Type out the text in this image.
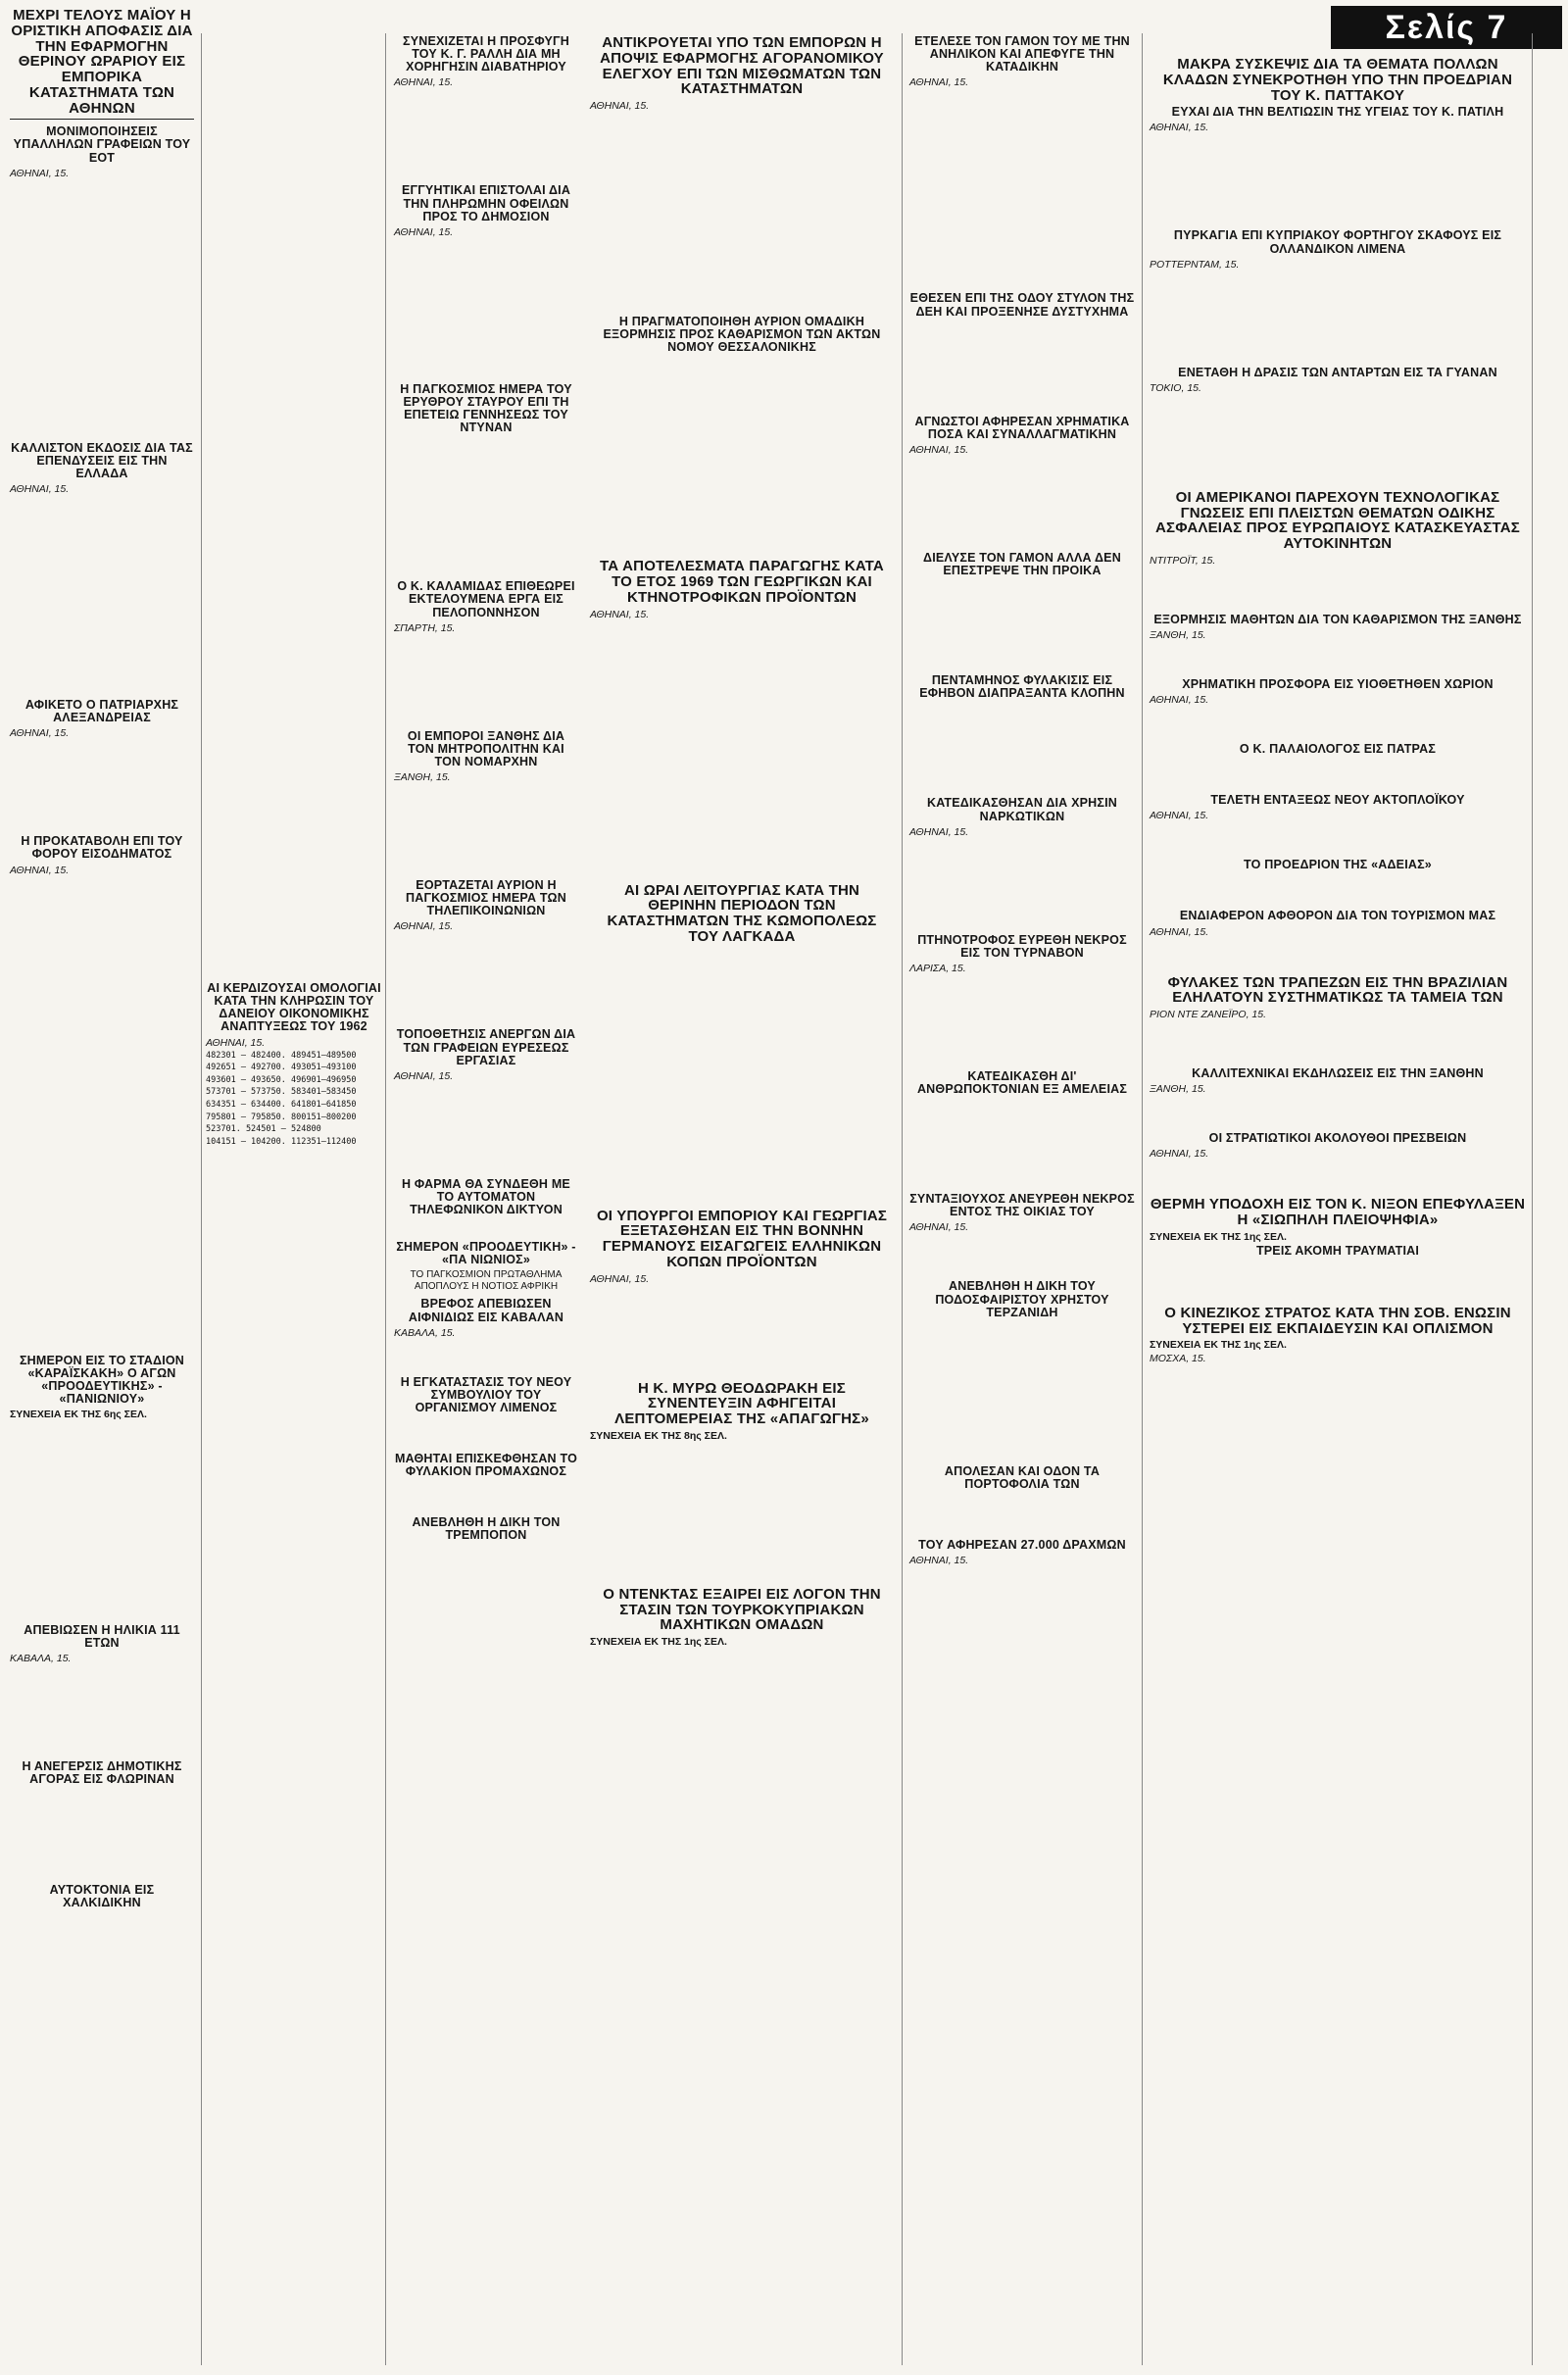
Σελίς 7
ΜΕΧΡΙ ΤΕΛΟΥΣ ΜΑΪΟΥ Η ΟΡΙΣΤΙΚΗ ΑΠΟΦΑΣΙΣ ΔΙΑ ΤΗΝ ΕΦΑΡΜΟΓΗΝ ΘΕΡΙΝΟΥ ΩΡΑΡΙΟΥ ΕΙΣ ΕΜΠΟΡΙΚΑ ΚΑΤΑΣΤΗΜΑΤΑ ΤΩΝ ΑΘΗΝΩΝ
ΜΟΝΙΜΟΠΟΙΗΣΕΙΣ ΥΠΑΛΛΗΛΩΝ ΓΡΑΦΕΙΩΝ ΤΟΥ ΕΟΤ
ΑΘΗΝΑΙ, 15.
ΚΑΛΛΙΣΤΟΝ ΕΚΔΟΣΙΣ ΔΙΑ ΤΑΣ ΕΠΕΝΔΥΣΕΙΣ ΕΙΣ ΤΗΝ ΕΛΛΑΔΑ
ΑΘΗΝΑΙ, 15.
ΑΦΙΚΕΤΟ Ο ΠΑΤΡΙΑΡΧΗΣ ΑΛΕΞΑΝΔΡΕΙΑΣ
ΑΘΗΝΑΙ, 15.
Η ΠΡΟΚΑΤΑΒΟΛΗ ΕΠΙ ΤΟΥ ΦΟΡΟΥ ΕΙΣΟΔΗΜΑΤΟΣ
ΑΘΗΝΑΙ, 15.
ΣΗΜΕΡΟΝ ΕΙΣ ΤΟ ΣΤΑΔΙΟΝ «ΚΑΡΑΪΣΚΑΚΗ» Ο ΑΓΩΝ «ΠΡΟΟΔΕΥΤΙΚΗΣ» - «ΠΑΝΙΩΝΙΟΥ»
ΣΥΝΕΧΕΙΑ ΕΚ ΤΗΣ 6ης ΣΕΛ.
ΑΠΕΒΙΩΣΕΝ Η ΗΛΙΚΙΑ 111 ΕΤΩΝ
ΚΑΒΑΛΑ, 15.
Η ΑΝΕΓΕΡΣΙΣ ΔΗΜΟΤΙΚΗΣ ΑΓΟΡΑΣ ΕΙΣ ΦΛΩΡΙΝΑΝ
ΑΥΤΟΚΤΟΝΙΑ ΕΙΣ ΧΑΛΚΙΔΙΚΗΝ
ΑΙ ΚΕΡΔΙΖΟΥΣΑΙ ΟΜΟΛΟΓΙΑΙ ΚΑΤΑ ΤΗΝ ΚΛΗΡΩΣΙΝ ΤΟΥ ΔΑΝΕΙΟΥ ΟΙΚΟΝΟΜΙΚΗΣ ΑΝΑΠΤΥΞΕΩΣ ΤΟΥ 1962
ΑΘΗΝΑΙ, 15.
482301 — 482400. 489451—489500
492651 — 492700. 493051—493100
493601 — 493650. 496901—496950
573701 — 573750. 583401—583450
634351 — 634400. 641801—641850
795801 — 795850. 800151—800200
523701. 524501 — 524800
104151 — 104200. 112351—112400
ΣΥΝΕΧΙΖΕΤΑΙ Η ΠΡΟΣΦΥΓΗ ΤΟΥ Κ. Γ. ΡΑΛΛΗ ΔΙΑ ΜΗ ΧΟΡΗΓΗΣΙΝ ΔΙΑΒΑΤΗΡΙΟΥ
ΑΘΗΝΑΙ, 15.
ΕΓΓΥΗΤΙΚΑΙ ΕΠΙΣΤΟΛΑΙ ΔΙΑ ΤΗΝ ΠΛΗΡΩΜΗΝ ΟΦΕΙΛΩΝ ΠΡΟΣ ΤΟ ΔΗΜΟΣΙΟΝ
ΑΘΗΝΑΙ, 15.
Η ΠΑΓΚΟΣΜΙΟΣ ΗΜΕΡΑ ΤΟΥ ΕΡΥΘΡΟΥ ΣΤΑΥΡΟΥ ΕΠΙ ΤΗ ΕΠΕΤΕΙΩ ΓΕΝΝΗΣΕΩΣ ΤΟΥ ΝΤΥΝΑΝ
Ο Κ. ΚΑΛΑΜΙΔΑΣ ΕΠΙΘΕΩΡΕΙ ΕΚΤΕΛΟΥΜΕΝΑ ΕΡΓΑ ΕΙΣ ΠΕΛΟΠΟΝΝΗΣΟΝ
ΣΠΑΡΤΗ, 15.
ΟΙ ΕΜΠΟΡΟΙ ΞΑΝΘΗΣ ΔΙΑ ΤΟΝ ΜΗΤΡΟΠΟΛΙΤΗΝ ΚΑΙ ΤΟΝ ΝΟΜΑΡΧΗΝ
ΞΑΝΘΗ, 15.
ΕΟΡΤΑΖΕΤΑΙ ΑΥΡΙΟΝ Η ΠΑΓΚΟΣΜΙΟΣ ΗΜΕΡΑ ΤΩΝ ΤΗΛΕΠΙΚΟΙΝΩΝΙΩΝ
ΑΘΗΝΑΙ, 15.
ΤΟΠΟΘΕΤΗΣΙΣ ΑΝΕΡΓΩΝ ΔΙΑ ΤΩΝ ΓΡΑΦΕΙΩΝ ΕΥΡΕΣΕΩΣ ΕΡΓΑΣΙΑΣ
ΑΘΗΝΑΙ, 15.
Η ΦΑΡΜΑ ΘΑ ΣΥΝΔΕΘΗ ΜΕ ΤΟ ΑΥΤΟΜΑΤΟΝ ΤΗΛΕΦΩΝΙΚΟΝ ΔΙΚΤΥΟΝ
ΣΗΜΕΡΟΝ «ΠΡΟΟΔΕΥΤΙΚΗ» - «ΠΑ ΝΙΩΝΙΟΣ»
ΤΟ ΠΑΓΚΟΣΜΙΟΝ ΠΡΩΤΑΘΛΗΜΑ
ΑΠΟΠΛΟΥΣ Η ΝΟΤΙΟΣ ΑΦΡΙΚΗ
ΒΡΕΦΟΣ ΑΠΕΒΙΩΣΕΝ ΑΙΦΝΙΔΙΩΣ ΕΙΣ ΚΑΒΑΛΑΝ
ΚΑΒΑΛΑ, 15.
Η ΕΓΚΑΤΑΣΤΑΣΙΣ ΤΟΥ ΝΕΟΥ ΣΥΜΒΟΥΛΙΟΥ ΤΟΥ ΟΡΓΑΝΙΣΜΟΥ ΛΙΜΕΝΟΣ
ΜΑΘΗΤΑΙ ΕΠΙΣΚΕΦΘΗΣΑΝ ΤΟ ΦΥΛΑΚΙΟΝ ΠΡΟΜΑΧΩΝΟΣ
ΑΝΕΒΛΗΘΗ Η ΔΙΚΗ ΤΟΝ ΤΡΕΜΠΟΠΟΝ
ΑΝΤΙΚΡΟΥΕΤΑΙ ΥΠΟ ΤΩΝ ΕΜΠΟΡΩΝ Η ΑΠΟΨΙΣ ΕΦΑΡΜΟΓΗΣ ΑΓΟΡΑΝΟΜΙΚΟΥ ΕΛΕΓΧΟΥ ΕΠΙ ΤΩΝ ΜΙΣΘΩΜΑΤΩΝ ΤΩΝ ΚΑΤΑΣΤΗΜΑΤΩΝ
ΑΘΗΝΑΙ, 15.
Η ΠΡΑΓΜΑΤΟΠΟΙΗΘΗ ΑΥΡΙΟΝ ΟΜΑΔΙΚΗ ΕΞΟΡΜΗΣΙΣ ΠΡΟΣ ΚΑΘΑΡΙΣΜΟΝ ΤΩΝ ΑΚΤΩΝ ΝΟΜΟΥ ΘΕΣΣΑΛΟΝΙΚΗΣ
ΤΑ ΑΠΟΤΕΛΕΣΜΑΤΑ ΠΑΡΑΓΩΓΗΣ ΚΑΤΑ ΤΟ ΕΤΟΣ 1969 ΤΩΝ ΓΕΩΡΓΙΚΩΝ ΚΑΙ ΚΤΗΝΟΤΡΟΦΙΚΩΝ ΠΡΟΪΟΝΤΩΝ
ΑΘΗΝΑΙ, 15.
ΑΙ ΩΡΑΙ ΛΕΙΤΟΥΡΓΙΑΣ ΚΑΤΑ ΤΗΝ ΘΕΡΙΝΗΝ ΠΕΡΙΟΔΟΝ ΤΩΝ ΚΑΤΑΣΤΗΜΑΤΩΝ ΤΗΣ ΚΩΜΟΠΟΛΕΩΣ ΤΟΥ ΛΑΓΚΑΔΑ
ΟΙ ΥΠΟΥΡΓΟΙ ΕΜΠΟΡΙΟΥ ΚΑΙ ΓΕΩΡΓΙΑΣ ΕΞΕΤΑΣΘΗΣΑΝ ΕΙΣ ΤΗΝ ΒΟΝΝΗΝ ΓΕΡΜΑΝΟΥΣ ΕΙΣΑΓΩΓΕΙΣ ΕΛΛΗΝΙΚΩΝ ΚΟΠΩΝ ΠΡΟΪΟΝΤΩΝ
ΑΘΗΝΑΙ, 15.
Η Κ. ΜΥΡΩ ΘΕΟΔΩΡΑΚΗ ΕΙΣ ΣΥΝΕΝΤΕΥΞΙΝ ΑΦΗΓΕΙΤΑΙ ΛΕΠΤΟΜΕΡΕΙΑΣ ΤΗΣ «ΑΠΑΓΩΓΗΣ»
ΣΥΝΕΧΕΙΑ ΕΚ ΤΗΣ 8ης ΣΕΛ.
Ο ΝΤΕΝΚΤΑΣ ΕΞΑΙΡΕΙ ΕΙΣ ΛΟΓΟΝ ΤΗΝ ΣΤΑΣΙΝ ΤΩΝ ΤΟΥΡΚΟΚΥΠΡΙΑΚΩΝ ΜΑΧΗΤΙΚΩΝ ΟΜΑΔΩΝ
ΣΥΝΕΧΕΙΑ ΕΚ ΤΗΣ 1ης ΣΕΛ.
ΕΤΕΛΕΣΕ ΤΟΝ ΓΑΜΟΝ ΤΟΥ ΜΕ ΤΗΝ ΑΝΗΛΙΚΟΝ ΚΑΙ ΑΠΕΦΥΓΕ ΤΗΝ ΚΑΤΑΔΙΚΗΝ
ΑΘΗΝΑΙ, 15.
ΕΘΕΣΕΝ ΕΠΙ ΤΗΣ ΟΔΟΥ ΣΤΥΛΟΝ ΤΗΣ ΔΕΗ ΚΑΙ ΠΡΟΞΕΝΗΣΕ ΔΥΣΤΥΧΗΜΑ
ΑΓΝΩΣΤΟΙ ΑΦΗΡΕΣΑΝ ΧΡΗΜΑΤΙΚΑ ΠΟΣΑ ΚΑΙ ΣΥΝΑΛΛΑΓΜΑΤΙΚΗΝ
ΑΘΗΝΑΙ, 15.
ΔΙΕΛΥΣΕ ΤΟΝ ΓΑΜΟΝ ΑΛΛΑ ΔΕΝ ΕΠΕΣΤΡΕΨΕ ΤΗΝ ΠΡΟΙΚΑ
ΠΕΝΤΑΜΗΝΟΣ ΦΥΛΑΚΙΣΙΣ ΕΙΣ ΕΦΗΒΟΝ ΔΙΑΠΡΑΞΑΝΤΑ ΚΛΟΠΗΝ
ΚΑΤΕΔΙΚΑΣΘΗΣΑΝ ΔΙΑ ΧΡΗΣΙΝ ΝΑΡΚΩΤΙΚΩΝ
ΑΘΗΝΑΙ, 15.
ΠΤΗΝΟΤΡΟΦΟΣ ΕΥΡΕΘΗ ΝΕΚΡΟΣ ΕΙΣ ΤΟΝ ΤΥΡΝΑΒΟΝ
ΛΑΡΙΣΑ, 15.
ΚΑΤΕΔΙΚΑΣΘΗ ΔΙ' ΑΝΘΡΩΠΟΚΤΟΝΙΑΝ ΕΞ ΑΜΕΛΕΙΑΣ
ΣΥΝΤΑΞΙΟΥΧΟΣ ΑΝΕΥΡΕΘΗ ΝΕΚΡΟΣ ΕΝΤΟΣ ΤΗΣ ΟΙΚΙΑΣ ΤΟΥ
ΑΘΗΝΑΙ, 15.
ΑΝΕΒΛΗΘΗ Η ΔΙΚΗ ΤΟΥ ΠΟΔΟΣΦΑΙΡΙΣΤΟΥ ΧΡΗΣΤΟΥ ΤΕΡΖΑΝΙΔΗ
ΑΠΟΛΕΣΑΝ ΚΑΙ ΟΔΟΝ ΤΑ ΠΟΡΤΟΦΟΛΙΑ ΤΩΝ
ΤΟΥ ΑΦΗΡΕΣΑΝ 27.000 ΔΡΑΧΜΩΝ
ΑΘΗΝΑΙ, 15.
ΜΑΚΡΑ ΣΥΣΚΕΨΙΣ ΔΙΑ ΤΑ ΘΕΜΑΤΑ ΠΟΛΛΩΝ ΚΛΑΔΩΝ ΣΥΝΕΚΡΟΤΗΘΗ ΥΠΟ ΤΗΝ ΠΡΟΕΔΡΙΑΝ ΤΟΥ Κ. ΠΑΤΤΑΚΟΥ
ΕΥΧΑΙ ΔΙΑ ΤΗΝ ΒΕΛΤΙΩΣΙΝ ΤΗΣ ΥΓΕΙΑΣ ΤΟΥ Κ. ΠΑΤΙΛΗ
ΑΘΗΝΑΙ, 15.
ΠΥΡΚΑΓΙΑ ΕΠΙ ΚΥΠΡΙΑΚΟΥ ΦΟΡΤΗΓΟΥ ΣΚΑΦΟΥΣ ΕΙΣ ΟΛΛΑΝΔΙΚΟΝ ΛΙΜΕΝΑ
ΡΟΤΤΕΡΝΤΑΜ, 15.
ΕΝΕΤΑΘΗ Η ΔΡΑΣΙΣ ΤΩΝ ΑΝΤΑΡΤΩΝ ΕΙΣ ΤΑ ΓΥΑΝΑΝ
ΤΟΚΙΟ, 15.
ΟΙ ΑΜΕΡΙΚΑΝΟΙ ΠΑΡΕΧΟΥΝ ΤΕΧΝΟΛΟΓΙΚΑΣ ΓΝΩΣΕΙΣ ΕΠΙ ΠΛΕΙΣΤΩΝ ΘΕΜΑΤΩΝ ΟΔΙΚΗΣ ΑΣΦΑΛΕΙΑΣ ΠΡΟΣ ΕΥΡΩΠΑΙΟΥΣ ΚΑΤΑΣΚΕΥΑΣΤΑΣ ΑΥΤΟΚΙΝΗΤΩΝ
ΝΤΙΤΡΟΪΤ, 15.
ΕΞΟΡΜΗΣΙΣ ΜΑΘΗΤΩΝ ΔΙΑ ΤΟΝ ΚΑΘΑΡΙΣΜΟΝ ΤΗΣ ΞΑΝΘΗΣ
ΞΑΝΘΗ, 15.
ΧΡΗΜΑΤΙΚΗ ΠΡΟΣΦΟΡΑ ΕΙΣ ΥΙΟΘΕΤΗΘΕΝ ΧΩΡΙΟΝ
ΑΘΗΝΑΙ, 15.
Ο Κ. ΠΑΛΑΙΟΛΟΓΟΣ ΕΙΣ ΠΑΤΡΑΣ
ΤΕΛΕΤΗ ΕΝΤΑΞΕΩΣ ΝΕΟΥ ΑΚΤΟΠΛΟΪΚΟΥ
ΑΘΗΝΑΙ, 15.
ΤΟ ΠΡΟΕΔΡΙΟΝ ΤΗΣ «ΑΔΕΙΑΣ»
ΕΝΔΙΑΦΕΡΟΝ ΑΦΘΟΡΟΝ ΔΙΑ ΤΟΝ ΤΟΥΡΙΣΜΟΝ ΜΑΣ
ΑΘΗΝΑΙ, 15.
ΦΥΛΑΚΕΣ ΤΩΝ ΤΡΑΠΕΖΩΝ ΕΙΣ ΤΗΝ ΒΡΑΖΙΛΙΑΝ ΕΛΗΛΑΤΟΥΝ ΣΥΣΤΗΜΑΤΙΚΩΣ ΤΑ ΤΑΜΕΙΑ ΤΩΝ
ΡΙΟΝ ΝΤΕ ΖΑΝΕΪΡΟ, 15.
ΚΑΛΛΙΤΕΧΝΙΚΑΙ ΕΚΔΗΛΩΣΕΙΣ ΕΙΣ ΤΗΝ ΞΑΝΘΗΝ
ΞΑΝΘΗ, 15.
ΟΙ ΣΤΡΑΤΙΩΤΙΚΟΙ ΑΚΟΛΟΥΘΟΙ ΠΡΕΣΒΕΙΩΝ
ΑΘΗΝΑΙ, 15.
ΘΕΡΜΗ ΥΠΟΔΟΧΗ ΕΙΣ ΤΟΝ Κ. ΝΙΞΟΝ ΕΠΕΦΥΛΑΞΕΝ Η «ΣΙΩΠΗΛΗ ΠΛΕΙΟΨΗΦΙΑ»
ΣΥΝΕΧΕΙΑ ΕΚ ΤΗΣ 1ης ΣΕΛ.
ΤΡΕΙΣ ΑΚΟΜΗ ΤΡΑΥΜΑΤΙΑΙ
Ο ΚΙΝΕΖΙΚΟΣ ΣΤΡΑΤΟΣ ΚΑΤΑ ΤΗΝ ΣΟΒ. ΕΝΩΣΙΝ ΥΣΤΕΡΕΙ ΕΙΣ ΕΚΠΑΙΔΕΥΣΙΝ ΚΑΙ ΟΠΛΙΣΜΟΝ
ΣΥΝΕΧΕΙΑ ΕΚ ΤΗΣ 1ης ΣΕΛ.
ΜΟΣΧΑ, 15.
